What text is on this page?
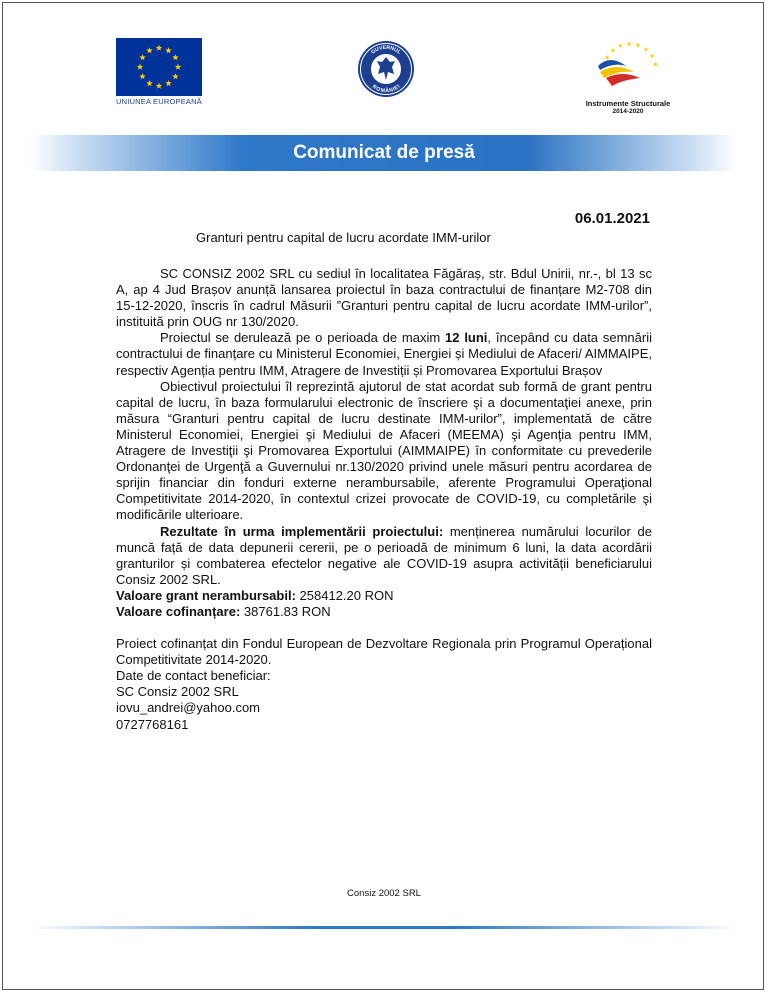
UNIUNEA EUROPEANĂ
GUVERNUL
ROMÂNIEI
Instrumente Structurale
2014-2020
Comunicat de presă
06.01.2021
Granturi pentru capital de lucru acordate IMM-urilor

SC CONSIZ 2002 SRL cu sediul în localitatea Făgăraș, str. Bdul Unirii, nr.-, bl 13 sc A, ap 4 Jud Brașov anunță lansarea proiectul în baza contractului de finanțare M2-708 din 15-12-2020, înscris în cadrul Măsurii ”Granturi pentru capital de lucru acordate IMM-urilor”, instituită prin OUG nr 130/2020.

Proiectul se derulează pe o perioada de maxim 12 luni, începând cu data semnării contractului de finanțare cu Ministerul Economiei, Energiei și Mediului de Afaceri/ AIMMAIPE, respectiv Agenția pentru IMM, Atragere de Investiții și Promovarea Exportului Brașov

Obiectivul proiectului îl reprezintă ajutorul de stat acordat sub formă de grant pentru capital de lucru, în baza formularului electronic de înscriere şi a documentaţiei anexe, prin măsura “Granturi pentru capital de lucru destinate IMM-urilor”, implementată de către Ministerul Economiei, Energiei şi Mediului de Afaceri (MEEMA) şi Agenţia pentru IMM, Atragere de Investiţii şi Promovarea Exportului (AIMMAIPE) în conformitate cu prevederile Ordonanţei de Urgenţă a Guvernului nr.130/2020 privind unele măsuri pentru acordarea de sprijin financiar din fonduri externe nerambursabile, aferente Programului Operaţional Competitivitate 2014-2020, în contextul crizei provocate de COVID-19, cu completările şi modificările ulterioare.

Rezultate în urma implementării proiectului: menținerea numărului locurilor de muncă față de data depunerii cererii, pe o perioadă de minimum 6 luni, la data acordării granturilor și combaterea efectelor negative ale COVID-19 asupra activității beneficiarului Consiz 2002 SRL.

Valoare grant nerambursabil: 258412.20 RON

Valoare cofinanțare: 38761.83 RON

Proiect cofinanțat din Fondul European de Dezvoltare Regionala prin Programul Operațional Competitivitate 2014-2020.

Date de contact beneficiar:

SC Consiz 2002 SRL

iovu_andrei@yahoo.com

0727768161

Consiz 2002 SRL
